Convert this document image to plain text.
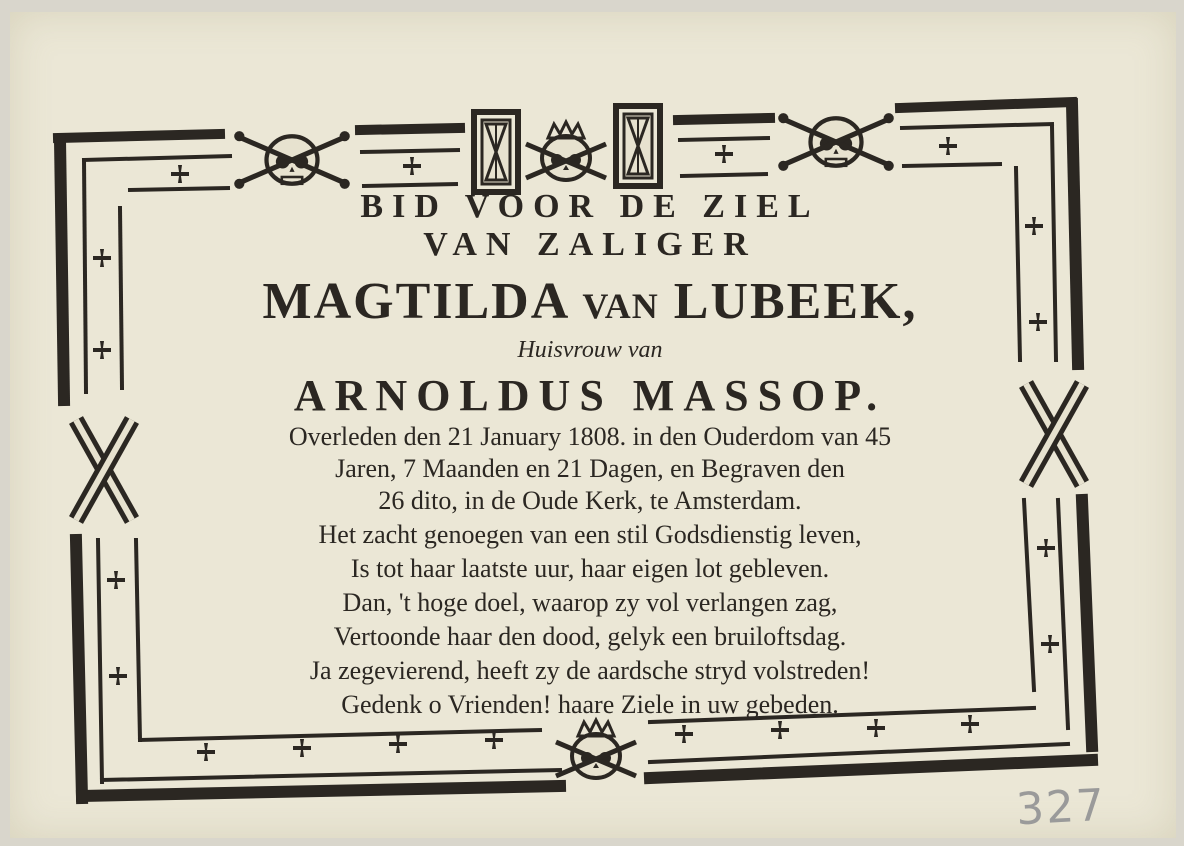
BID VOOR DE ZIEL
VAN ZALIGER
MAGTILDA VAN LUBEEK,
Huisvrouw van
ARNOLDUS MASSOP.
Overleden den 21 January 1808. in den Ouderdom van 45
Jaren, 7 Maanden en 21 Dagen, en Begraven den
26 dito, in de Oude Kerk, te Amsterdam.
Het zacht genoegen van een stil Godsdienstig leven,
Is tot haar laatste uur, haar eigen lot gebleven.
Dan, 't hoge doel, waarop zy vol verlangen zag,
Vertoonde haar den dood, gelyk een bruiloftsdag.
Ja zegevierend, heeft zy de aardsche stryd volstreden!
Gedenk o Vrienden! haare Ziele in uw gebeden.
327
